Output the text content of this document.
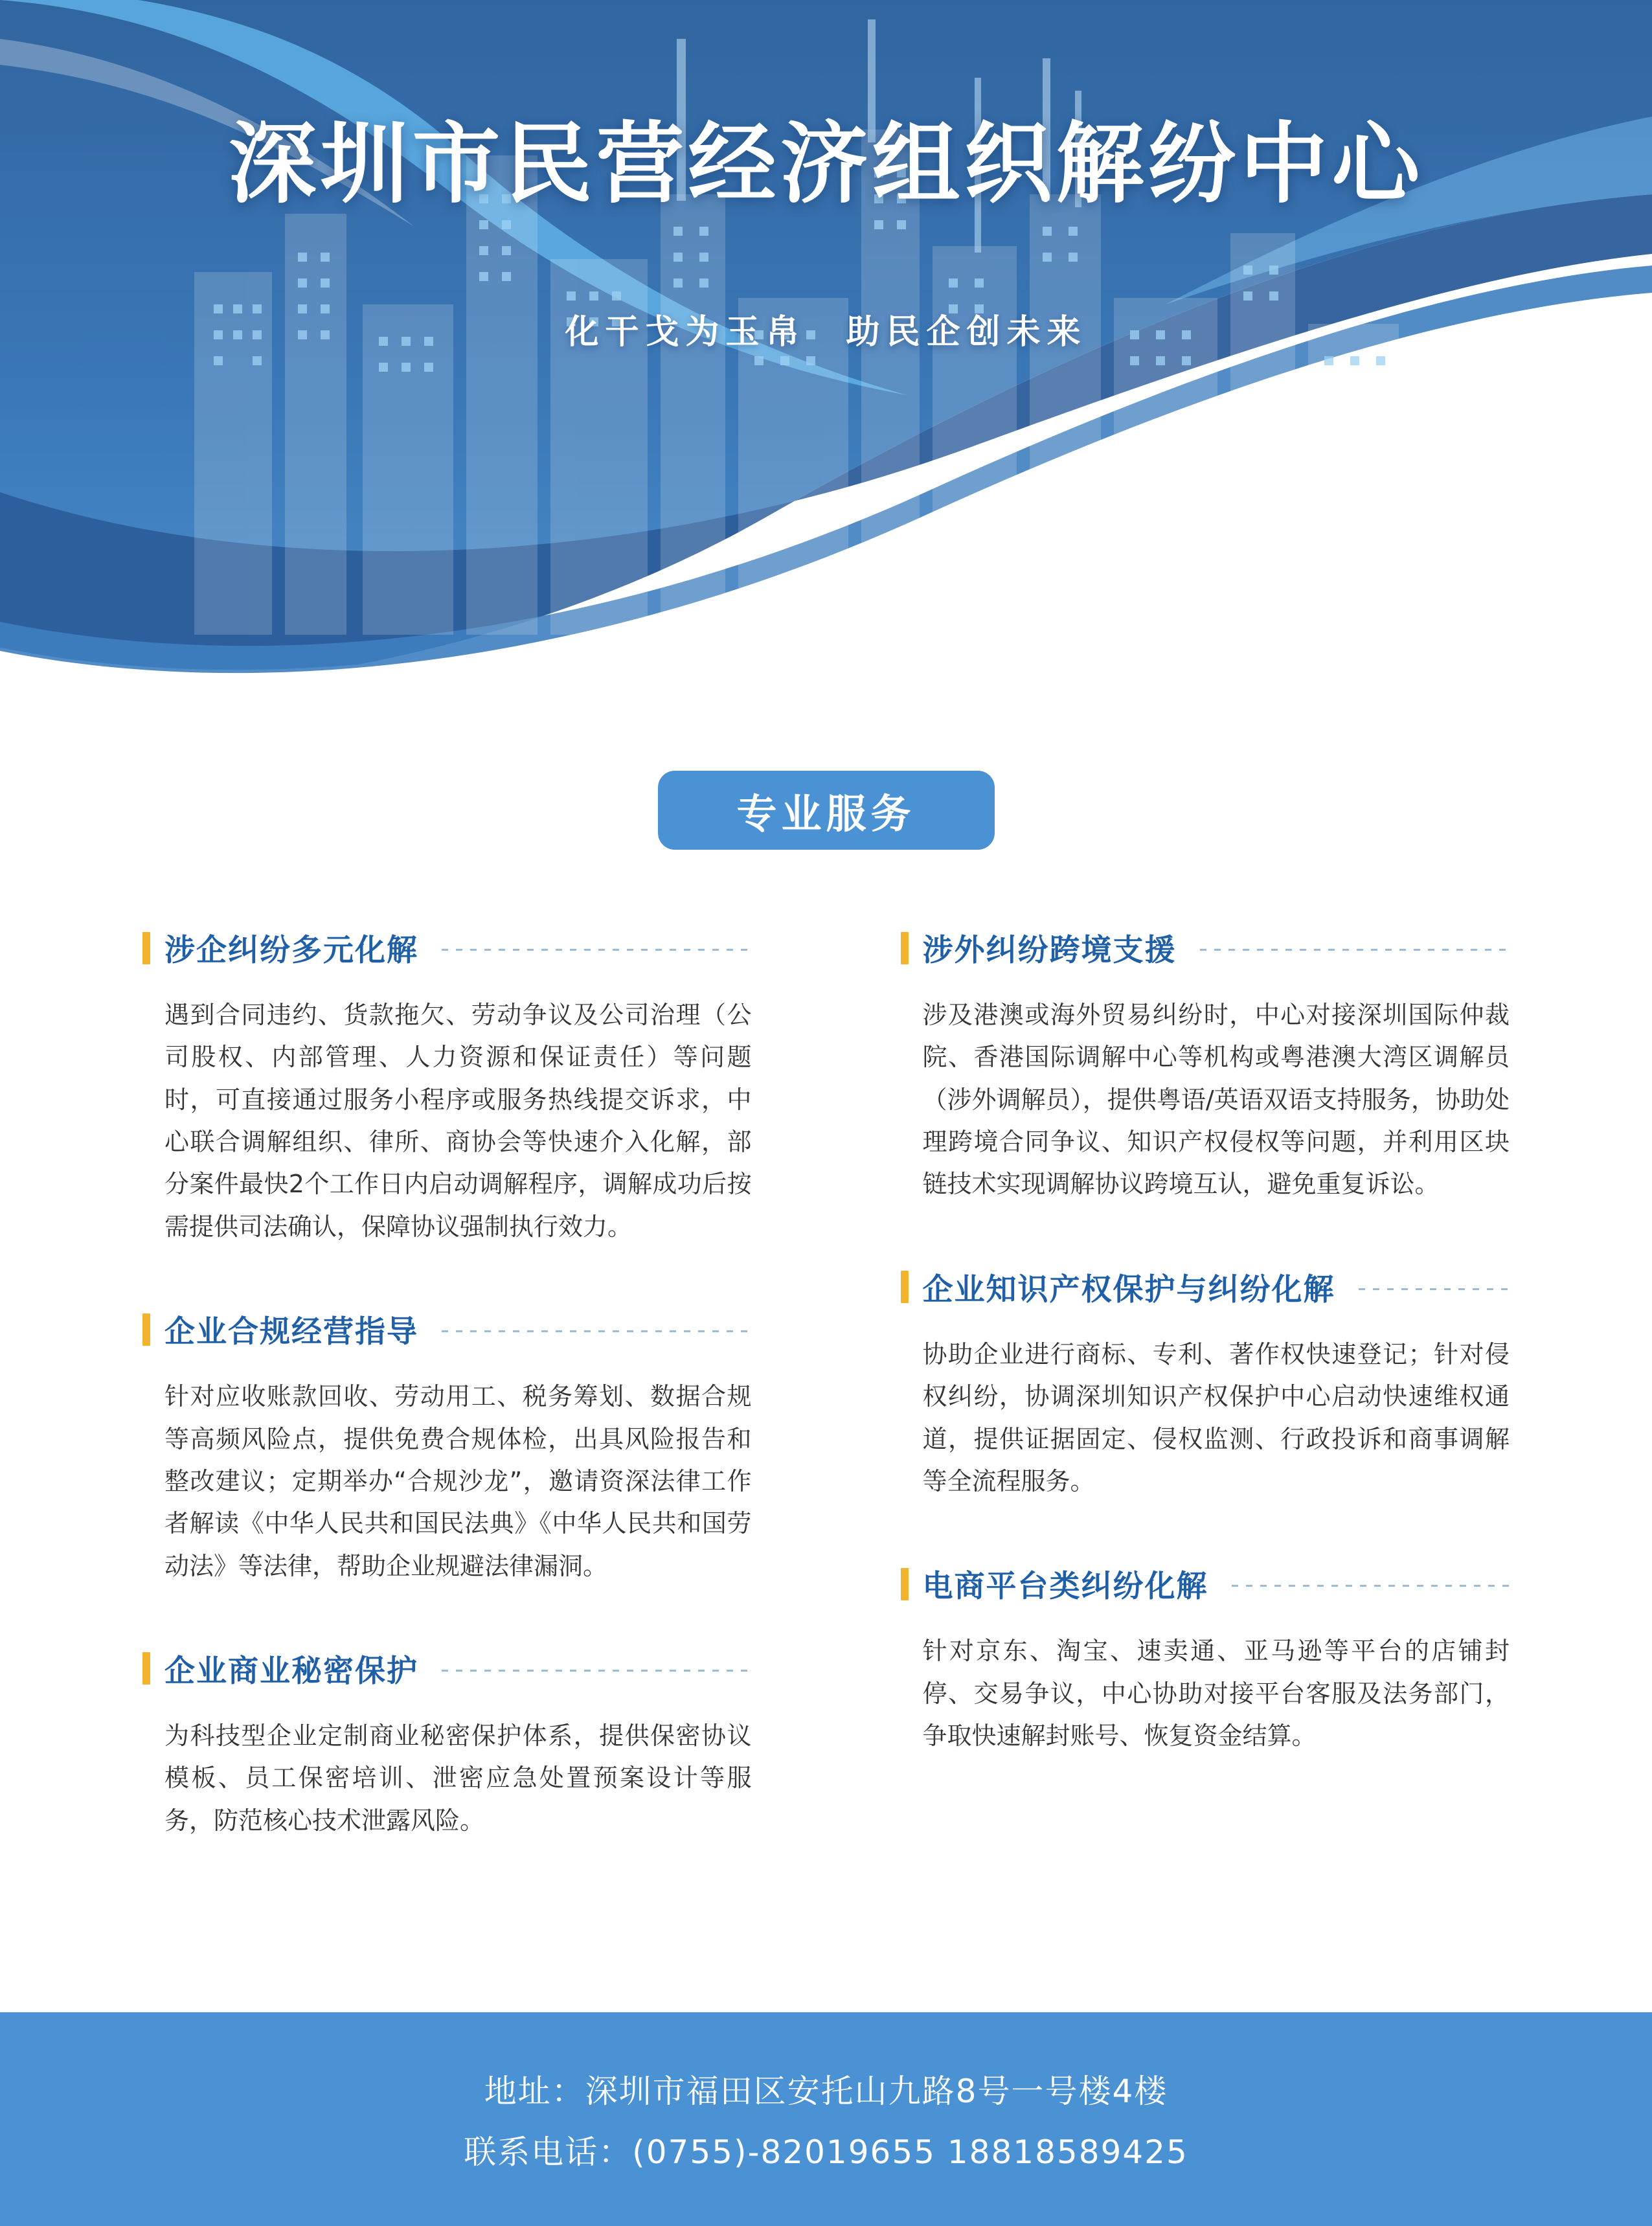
深圳市民营经济组织解纷中心
化干戈为玉帛　助民企创未来
专业服务
涉企纠纷多元化解
遇到合同违约、货款拖欠、劳动争议及公司治理（公司股权、内部管理、人力资源和保证责任）等问题时，可直接通过服务小程序或服务热线提交诉求，中心联合调解组织、律所、商协会等快速介入化解，部分案件最快2个工作日内启动调解程序，调解成功后按需提供司法确认，保障协议强制执行效力。
企业合规经营指导
针对应收账款回收、劳动用工、税务筹划、数据合规等高频风险点，提供免费合规体检，出具风险报告和整改建议；定期举办“合规沙龙”，邀请资深法律工作者解读《中华人民共和国民法典》《中华人民共和国劳动法》等法律，帮助企业规避法律漏洞。
企业商业秘密保护
为科技型企业定制商业秘密保护体系，提供保密协议模板、员工保密培训、泄密应急处置预案设计等服务，防范核心技术泄露风险。
涉外纠纷跨境支援
涉及港澳或海外贸易纠纷时，中心对接深圳国际仲裁院、香港国际调解中心等机构或粤港澳大湾区调解员（涉外调解员），提供粤语/英语双语支持服务，协助处理跨境合同争议、知识产权侵权等问题，并利用区块链技术实现调解协议跨境互认，避免重复诉讼。
企业知识产权保护与纠纷化解
协助企业进行商标、专利、著作权快速登记；针对侵权纠纷，协调深圳知识产权保护中心启动快速维权通道，提供证据固定、侵权监测、行政投诉和商事调解等全流程服务。
电商平台类纠纷化解
针对京东、淘宝、速卖通、亚马逊等平台的店铺封停、交易争议，中心协助对接平台客服及法务部门，争取快速解封账号、恢复资金结算。
地址：深圳市福田区安托山九路8号一号楼4楼
联系电话：(0755)-82019655 18818589425
